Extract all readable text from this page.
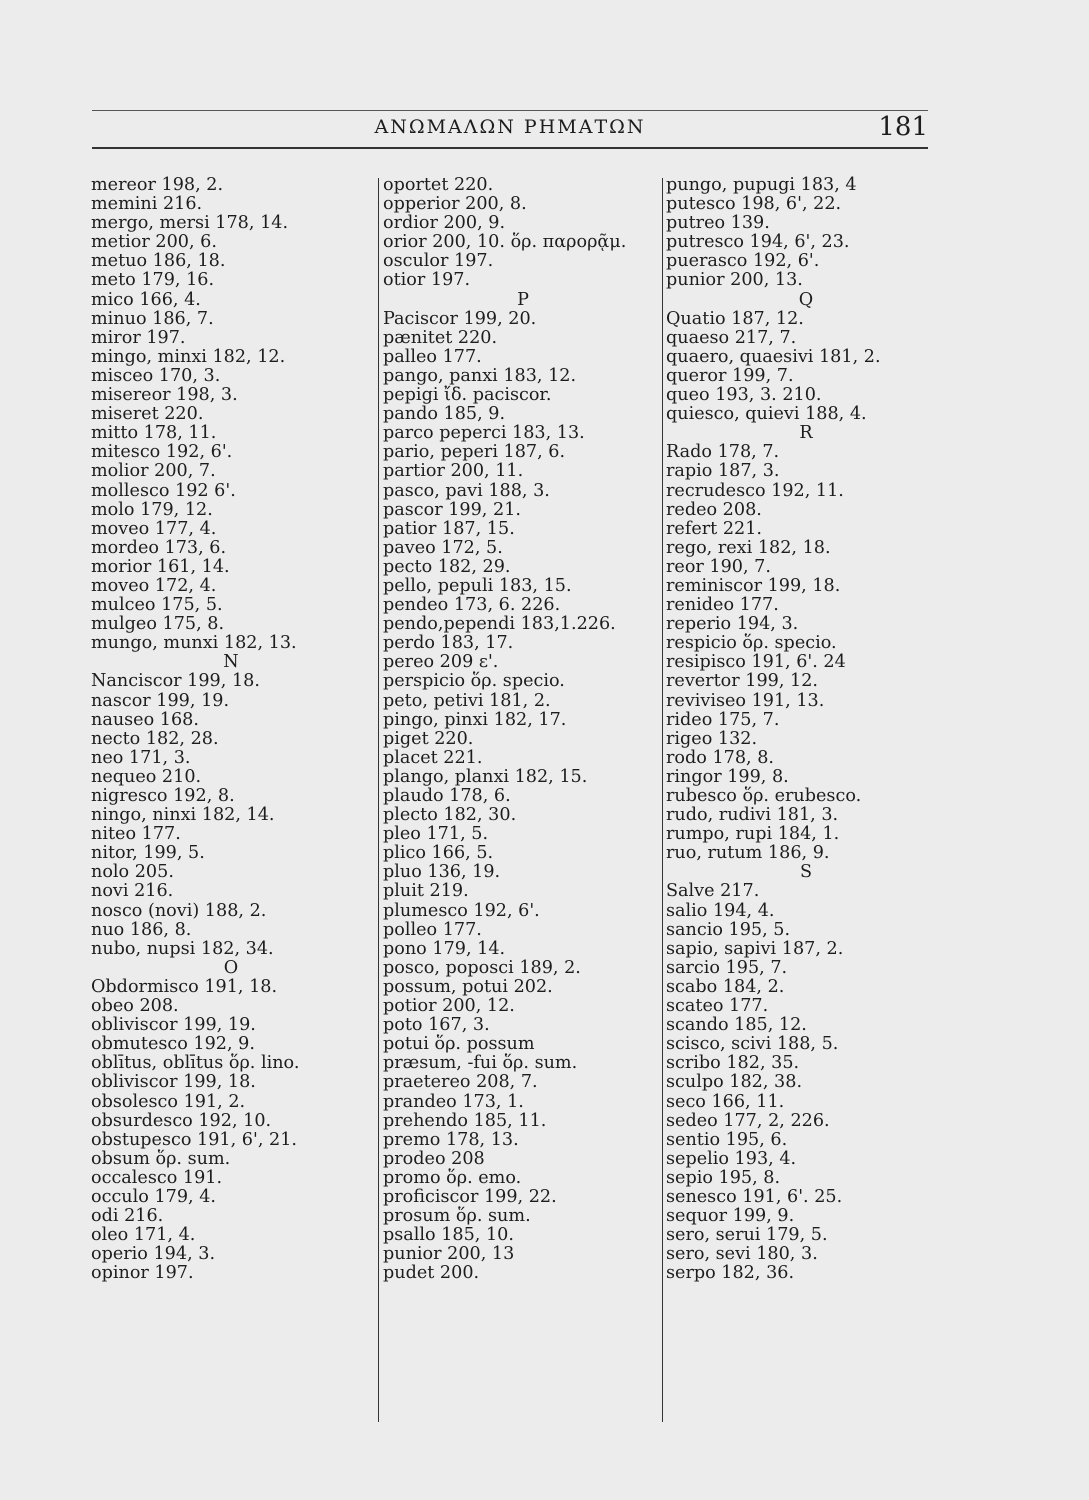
ΑΝΩΜΑΛΩΝ ΡΗΜΑΤΩΝ	181
mereor 198, 2.
memini 216.
mergo, mersi 178, 14.
metior 200, 6.
metuo 186, 18.
meto 179, 16.
mico 166, 4.
minuo 186, 7.
miror 197.
mingo, minxi 182, 12.
misceo 170, 3.
misereor 198, 3.
miseret 220.
mitto 178, 11.
mitesco 192, 6'.
molior 200, 7.
mollesco 192 6'.
molo 179, 12.
moveo 177, 4.
mordeo 173, 6.
morior 161, 14.
moveo 172, 4.
mulceo 175, 5.
mulgeo 175, 8.
mungo, munxi 182, 13.
N
Nanciscor 199, 18.
nascor 199, 19.
nauseo 168.
necto 182, 28.
neo 171, 3.
nequeo 210.
nigresco 192, 8.
ningo, ninxi 182, 14.
niteo 177.
nitor, 199, 5.
nolo 205.
novi 216.
nosco (novi) 188, 2.
nuo 186, 8.
nubo, nupsi 182, 34.
O
Obdormisco 191, 18.
obeo 208.
obliviscor 199, 19.
obmutesco 192, 9.
oblītus, oblītus ὅρ. lino.
obliviscor 199, 18.
obsolesco 191, 2.
obsurdesco 192, 10.
obstupesco 191, 6', 21.
obsum ὅρ. sum.
occalesco 191.
occulo 179, 4.
odi 216.
oleo 171, 4.
operio 194, 3.
opinor 197.
oportet 220.
opperior 200, 8.
ordior 200, 9.
orior 200, 10. ὅρ. παρορᾷμ.
osculor 197.
otior 197.
P
Paciscor 199, 20.
pænitet 220.
palleo 177.
pango, panxi 183, 12.
pepigi ἴδ. paciscor.
pando 185, 9.
parco peperci 183, 13.
pario, peperi 187, 6.
partior 200, 11.
pasco, pavi 188, 3.
pascor 199, 21.
patior 187, 15.
paveo 172, 5.
pecto 182, 29.
pello, pepuli 183, 15.
pendeo 173, 6. 226.
pendo,pependi 183,1.226.
perdo 183, 17.
pereo 209 ε'.
perspicio ὅρ. specio.
peto, petivi 181, 2.
pingo, pinxi 182, 17.
piget 220.
placet 221.
plango, planxi 182, 15.
plaudo 178, 6.
plecto 182, 30.
pleo 171, 5.
plico 166, 5.
pluo 136, 19.
pluit 219.
plumesco 192, 6'.
polleo 177.
pono 179, 14.
posco, poposci 189, 2.
possum, potui 202.
potior 200, 12.
poto 167, 3.
potui ὅρ. possum
præsum, -fui ὅρ. sum.
praetereo 208, 7.
prandeo 173, 1.
prehendo 185, 11.
premo 178, 13.
prodeo 208
promo ὅρ. emo.
proficiscor 199, 22.
prosum ὅρ. sum.
psallo 185, 10.
punior 200, 13
pudet 200.
pungo, pupugi 183, 4
putesco 198, 6', 22.
putreo 139.
putresco 194, 6', 23.
puerasco 192, 6'.
punior 200, 13.
Q
Quatio 187, 12.
quaeso 217, 7.
quaero, quaesivi 181, 2.
queror 199, 7.
queo 193, 3. 210.
quiesco, quievi 188, 4.
R
Rado 178, 7.
rapio 187, 3.
recrudesco 192, 11.
redeo 208.
refert 221.
rego, rexi 182, 18.
reor 190, 7.
reminiscor 199, 18.
renideo 177.
reperio 194, 3.
respicio ὅρ. specio.
resipisco 191, 6'. 24
revertor 199, 12.
reviviseo 191, 13.
rideo 175, 7.
rigeo 132.
rodo 178, 8.
ringor 199, 8.
rubesco ὅρ. erubesco.
rudo, rudivi 181, 3.
rumpo, rupi 184, 1.
ruo, rutum 186, 9.
S
Salve 217.
salio 194, 4.
sancio 195, 5.
sapio, sapivi 187, 2.
sarcio 195, 7.
scabo 184, 2.
scateo 177.
scando 185, 12.
scisco, scivi 188, 5.
scribo 182, 35.
sculpo 182, 38.
seco 166, 11.
sedeo 177, 2, 226.
sentio 195, 6.
sepelio 193, 4.
sepio 195, 8.
senesco 191, 6'. 25.
sequor 199, 9.
sero, serui 179, 5.
sero, sevi 180, 3.
serpo 182, 36.
